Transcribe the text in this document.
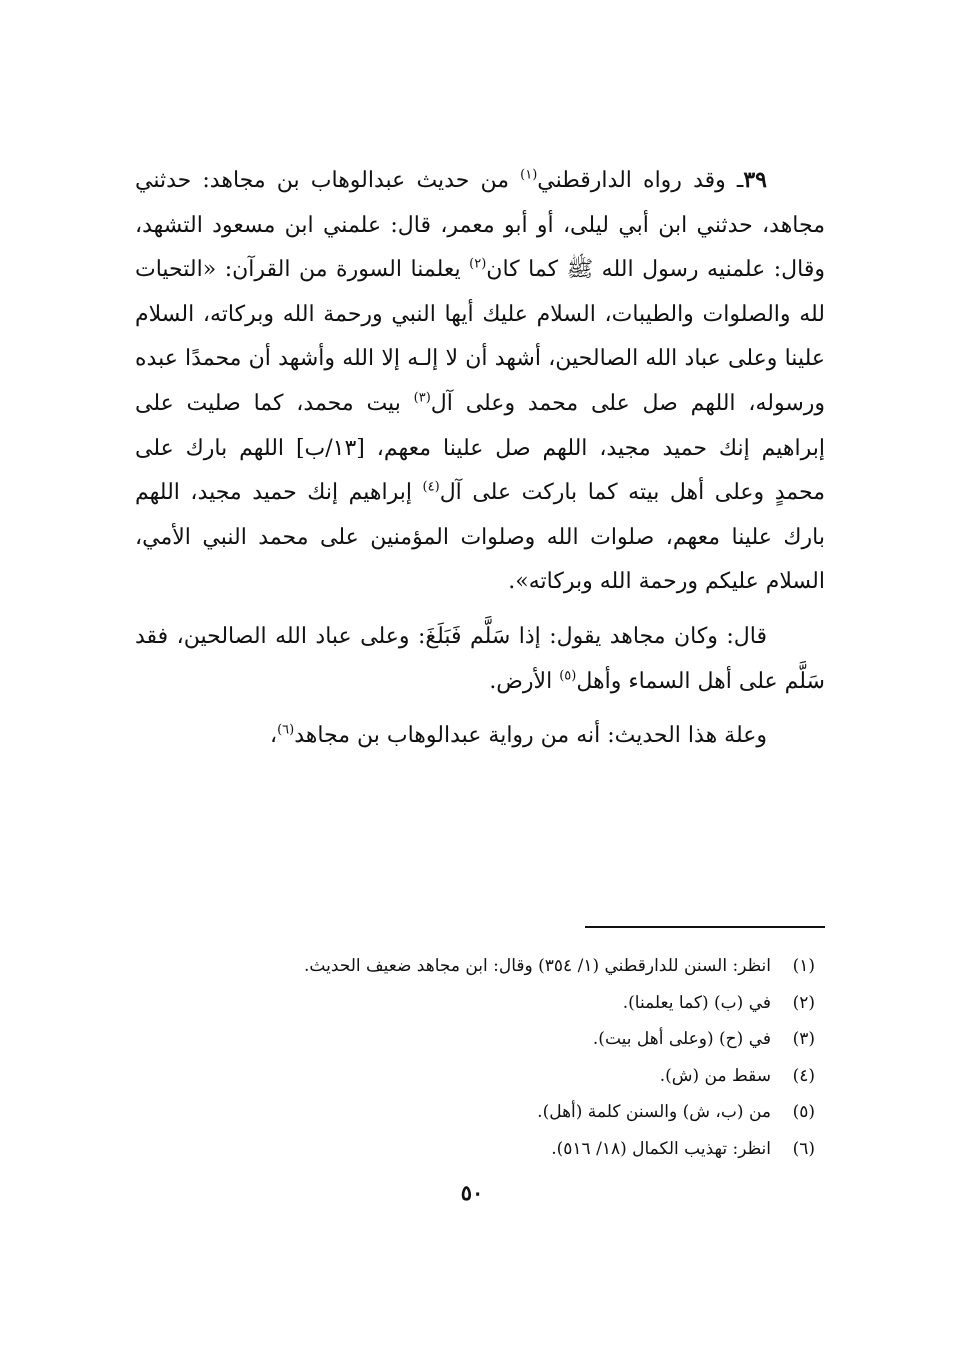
٣٩ـ وقد رواه الدارقطني$^{(١)}$ من حديث عبدالوهاب بن مجاهد: حدثني مجاهد، حدثني ابن أبي ليلى، أو أبو معمر، قال: علمني ابن مسعود التشهد، وقال: علمنيه رسول الله ﷺ كما كان$^{(٢)}$ يعلمنا السورة من القرآن: «التحيات لله والصلوات والطيبات، السلام عليك أيها النبي ورحمة الله وبركاته، السلام علينا وعلى عباد الله الصالحين، أشهد أن لا إلـه إلا الله وأشهد أن محمدًا عبده ورسوله، اللهم صل على محمد وعلى آل$^{(٣)}$ بيت محمد، كما صليت على إبراهيم إنك حميد مجيد، اللهم صل علينا معهم، [١٣/ب] اللهم بارك على محمدٍ وعلى أهل بيته كما باركت على آل$^{(٤)}$ إبراهيم إنك حميد مجيد، اللهم بارك علينا معهم، صلوات الله وصلوات المؤمنين على محمد النبي الأمي، السلام عليكم ورحمة الله وبركاته».

قال: وكان مجاهد يقول: إذا سَلَّم فَبَلَغَ: وعلى عباد الله الصالحين، فقد سَلَّم على أهل السماء وأهل$^{(٥)}$ الأرض.

وعلة هذا الحديث: أنه من رواية عبدالوهاب بن مجاهد$^{(٦)}$،

(١)انظر: السنن للدارقطني (١/ ٣٥٤) وقال: ابن مجاهد ضعيف الحديث.
(٢)في (ب) (كما يعلمنا).
(٣)في (ح) (وعلى أهل بيت).
(٤)سقط من (ش).
(٥)من (ب، ش) والسنن كلمة (أهل).
(٦)انظر: تهذيب الكمال (١٨/ ٥١٦).
٥٠
